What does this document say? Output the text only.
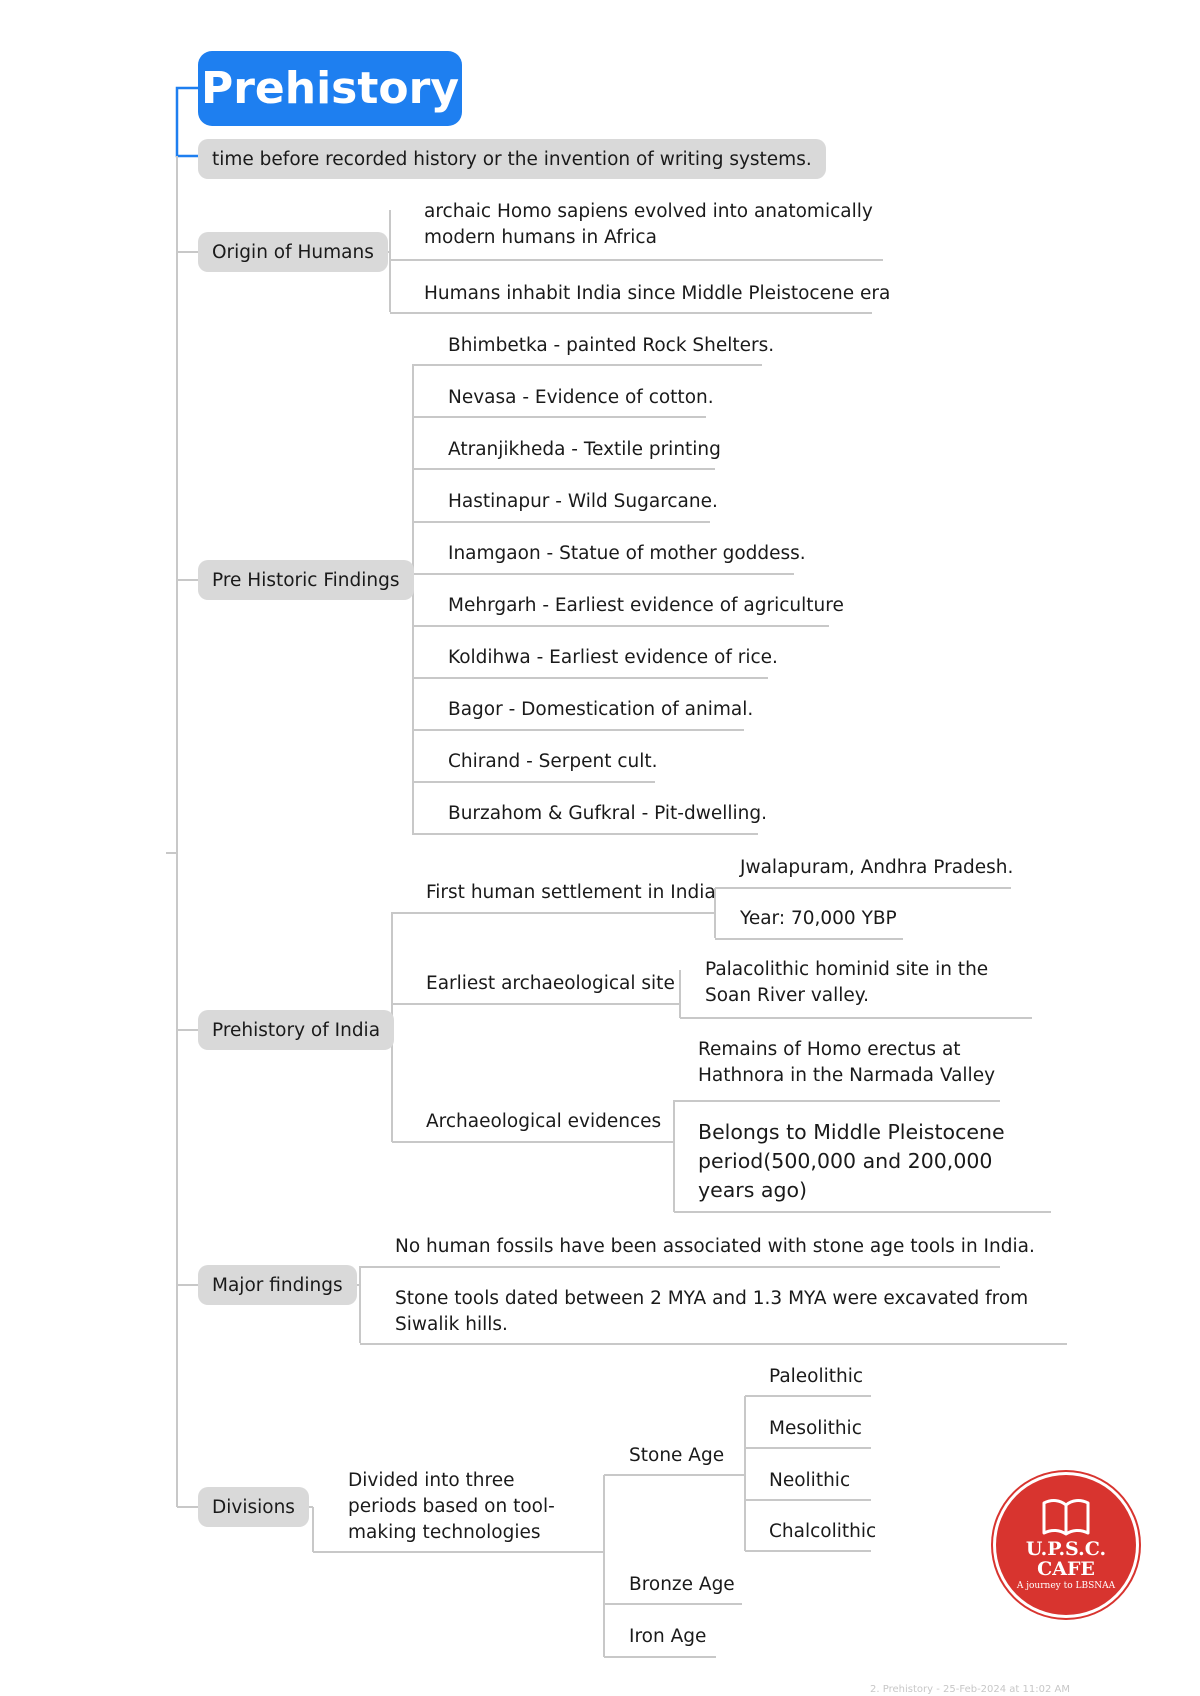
Prehistory
time before recorded history or the invention of writing systems.
Origin of Humans
archaic Homo sapiens evolved into anatomically modern humans in Africa
Humans inhabit India since Middle Pleistocene era
Pre Historic Findings
Bhimbetka - painted Rock Shelters.
Nevasa - Evidence of cotton.
Atranjikheda - Textile printing
Hastinapur - Wild Sugarcane.
Inamgaon - Statue of mother goddess.
Mehrgarh - Earliest evidence of agriculture
Koldihwa - Earliest evidence of rice.
Bagor - Domestication of animal.
Chirand - Serpent cult.
Burzahom & Gufkral - Pit-dwelling.
Prehistory of India
First human settlement in India
Jwalapuram, Andhra Pradesh.
Year: 70,000 YBP
Earliest archaeological site
Palacolithic hominid site in the Soan River valley.
Archaeological evidences
Remains of Homo erectus at Hathnora in the Narmada Valley
Belongs to Middle Pleistocene period(500,000 and 200,000 years ago)
Major findings
No human fossils have been associated with stone age tools in India.
Stone tools dated between 2 MYA and 1.3 MYA were excavated from Siwalik hills.
Divisions
Divided into three periods based on tool-making technologies
Stone Age
Paleolithic
Mesolithic
Neolithic
Chalcolithic
Bronze Age
Iron Age
U.P.S.C.
CAFE
A journey to LBSNAA
2. Prehistory - 25-Feb-2024 at 11:02 AM
